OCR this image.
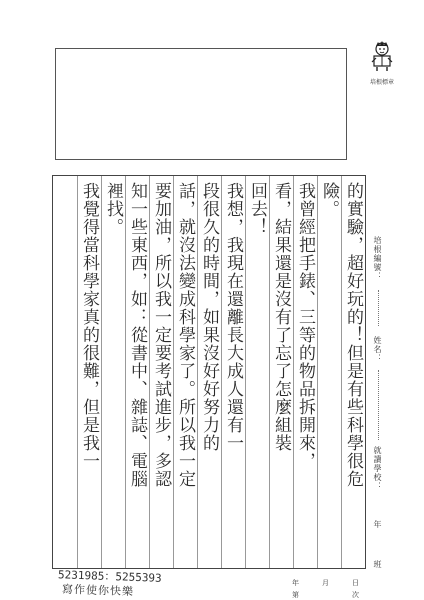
培根標章
的實驗，超好玩的！但是有些科學很危
險。
我曾經把手錶、三等的物品拆開來，
看，結果還是沒有了忘了怎麼組裝
回去！
我想，我現在還離長大成人還有一
段很久的時間，如果沒好好努力的
話，就沒法變成科學家了。所以我一定
要加油，所以我一定要考試進步，多認
知一些東西，如：從書中、雜誌、電腦
裡找。
我覺得當科學家真的很難，但是我一	培根編號：
姓名：
就讀學校：
年
班
年	月	日
第	次
5231985：5255393
寫作使你快樂
